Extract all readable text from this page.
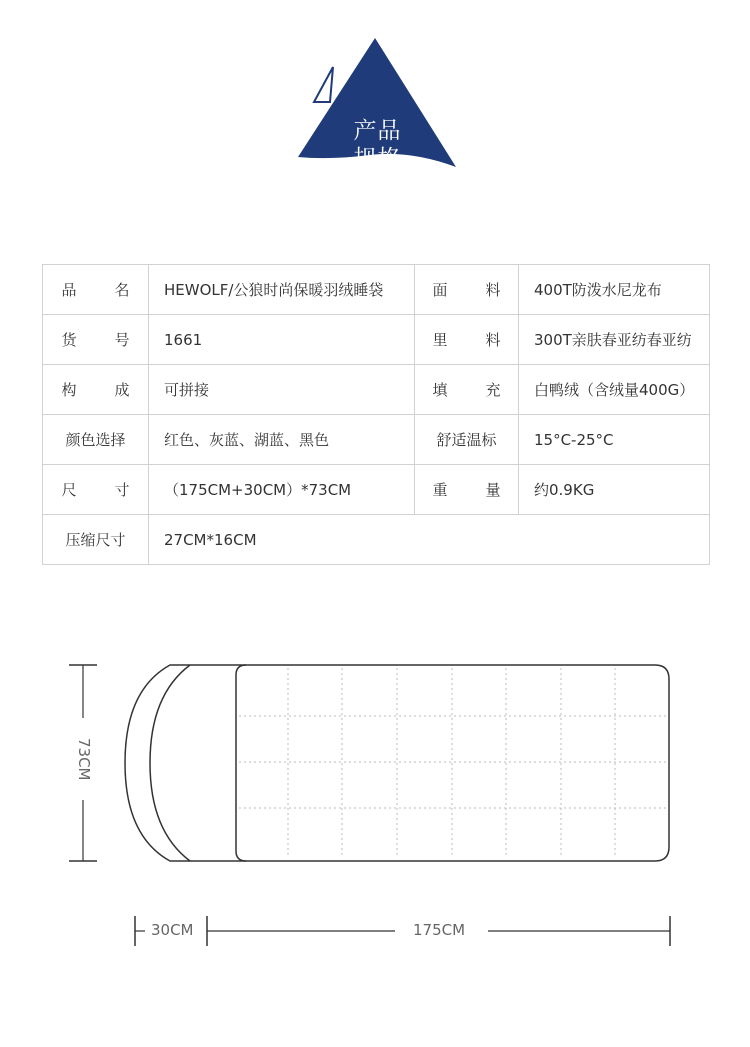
产品
规格
品名	HEWOLF/公狼时尚保暖羽绒睡袋	面料	400T防泼水尼龙布
货号	1661	里料	300T亲肤春亚纺春亚纺
构成	可拼接	填充	白鸭绒（含绒量400G）
颜色选择	红色、灰蓝、湖蓝、黑色	舒适温标	15°C-25°C
尺寸	（175CM+30CM）*73CM	重量	约0.9KG
压缩尺寸	27CM*16CM		
73CM
30CM	175CM
